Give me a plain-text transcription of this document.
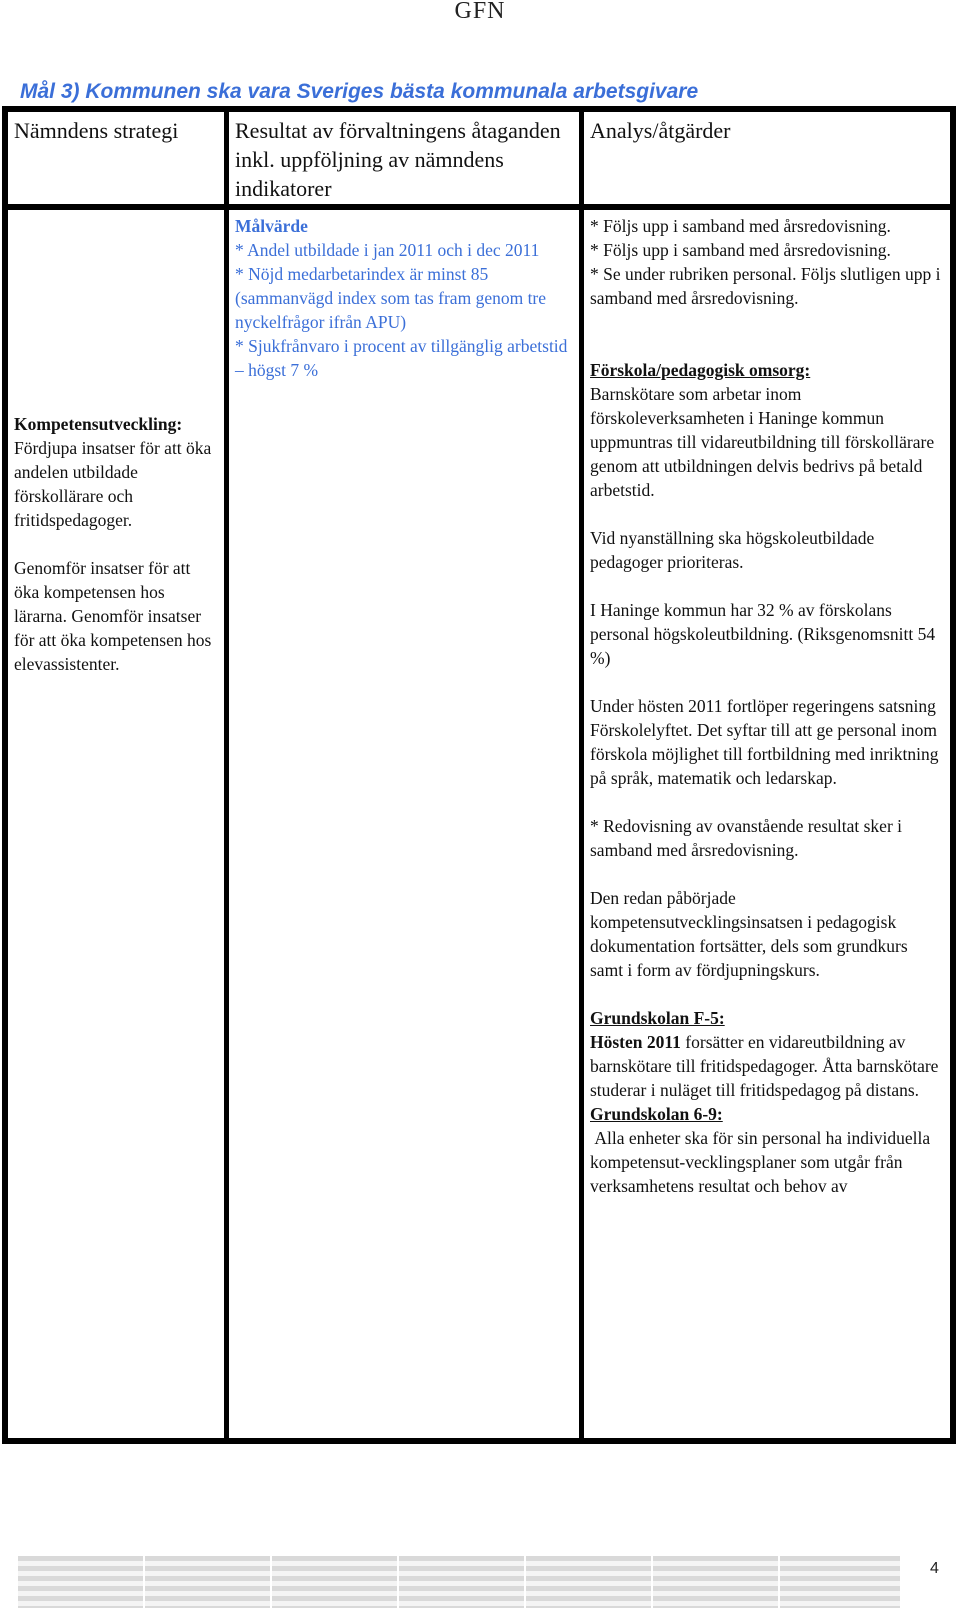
GFN
Mål 3) Kommunen ska vara Sveriges bästa kommunala arbetsgivare
Nämndens strategi	Resultat av förvaltningens åtaganden inkl. uppföljning av nämndens indikatorer
Analys/åtgärder

Kompetensutveckling:

Fördjupa insatser för att öka andelen utbildade förskollärare och fritidspedagoger.

Genomför insatser för att öka kompetensen hos lärarna. Genomför insatser för att öka kompetensen hos elevassistenter.

Målvärde

* Andel utbildade i jan 2011 och i dec 2011

* Nöjd medarbetarindex är minst 85 (sammanvägd index som tas fram genom tre nyckelfrågor ifrån APU)

* Sjukfrånvaro i procent av tillgänglig arbetstid – högst 7 %

* Följs upp i samband med årsredovisning.

* Följs upp i samband med årsredovisning.

* Se under rubriken personal. Följs slutligen upp i samband med årsredovisning.

Förskola/pedagogisk omsorg:

Barnskötare som arbetar inom förskoleverksamheten i Haninge kommun uppmuntras till vidareutbildning till förskollärare genom att utbildningen delvis bedrivs på betald arbetstid.

Vid nyanställning ska högskoleutbildade pedagoger prioriteras.

I Haninge kommun har 32 % av förskolans personal högskoleutbildning. (Riksgenomsnitt 54 %)

Under hösten 2011 fortlöper regeringens satsning Förskolelyftet. Det syftar till att ge personal inom förskola möjlighet till fortbildning med inriktning på språk, matematik och ledarskap.

* Redovisning av ovanstående resultat sker i samband med årsredovisning.

Den redan påbörjade kompetensutvecklingsinsatsen i pedagogisk dokumentation fortsätter, dels som grundkurs samt i form av fördjupningskurs.

Grundskolan F-5:

Hösten 2011 forsätter en vidareutbildning av barnskötare till fritidspedagoger. Åtta barnskötare studerar i nuläget till fritidspedagog på distans.

Grundskolan 6-9:

Alla enheter ska för sin personal ha individuella kompetensut-vecklingsplaner som utgår från verksamhetens resultat och behov av

4
